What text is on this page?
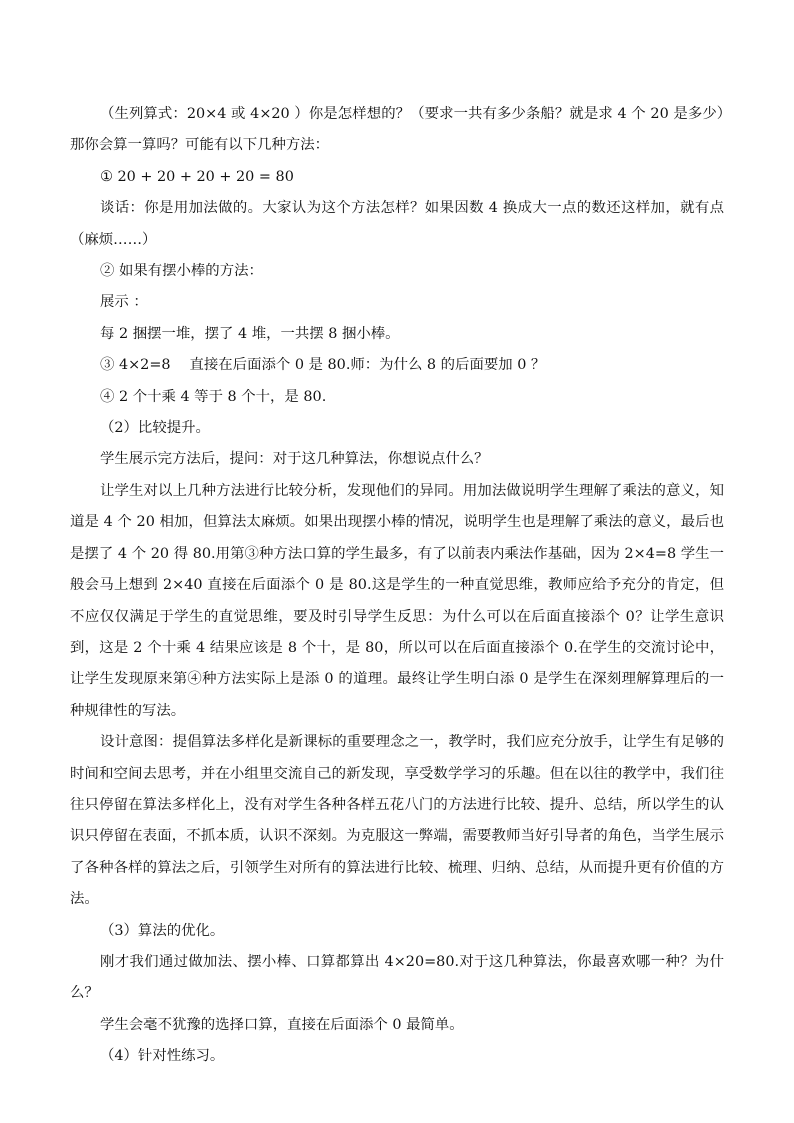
（生列算式：20×4 或 4×20 ）你是怎样想的？（要求一共有多少条船？就是求 4 个 20 是多少）那你会算一算吗？可能有以下几种方法：

① 20 + 20 + 20 + 20 = 80

谈话：你是用加法做的。大家认为这个方法怎样？如果因数 4 换成大一点的数还这样加，就有点（麻烦……）

② 如果有摆小棒的方法：

展示 ：

每 2 捆摆一堆，摆了 4 堆，一共摆 8 捆小棒。

③ 4×2=8　 直接在后面添个 0 是 80.师：为什么 8 的后面要加 0 ？

④ 2 个十乘 4 等于 8 个十，是 80.

（2）比较提升。

学生展示完方法后，提问：对于这几种算法，你想说点什么？

让学生对以上几种方法进行比较分析，发现他们的异同。用加法做说明学生理解了乘法的意义，知道是 4 个 20 相加，但算法太麻烦。如果出现摆小棒的情况，说明学生也是理解了乘法的意义，最后也是摆了 4 个 20 得 80.用第③种方法口算的学生最多，有了以前表内乘法作基础，因为 2×4=8 学生一般会马上想到 2×40 直接在后面添个 0 是 80.这是学生的一种直觉思维，教师应给予充分的肯定，但不应仅仅满足于学生的直觉思维，要及时引导学生反思：为什么可以在后面直接添个 0？让学生意识到，这是 2 个十乘 4 结果应该是 8 个十，是 80，所以可以在后面直接添个 0.在学生的交流讨论中，让学生发现原来第④种方法实际上是添 0 的道理。最终让学生明白添 0 是学生在深刻理解算理后的一种规律性的写法。

设计意图：提倡算法多样化是新课标的重要理念之一，教学时，我们应充分放手，让学生有足够的时间和空间去思考，并在小组里交流自己的新发现，享受数学学习的乐趣。但在以往的教学中，我们往往只停留在算法多样化上，没有对学生各种各样五花八门的方法进行比较、提升、总结，所以学生的认识只停留在表面，不抓本质，认识不深刻。为克服这一弊端，需要教师当好引导者的角色，当学生展示了各种各样的算法之后，引领学生对所有的算法进行比较、梳理、归纳、总结，从而提升更有价值的方法。

（3）算法的优化。

刚才我们通过做加法、摆小棒、口算都算出 4×20=80.对于这几种算法，你最喜欢哪一种？为什么？

学生会毫不犹豫的选择口算，直接在后面添个 0 最简单。

（4）针对性练习。
